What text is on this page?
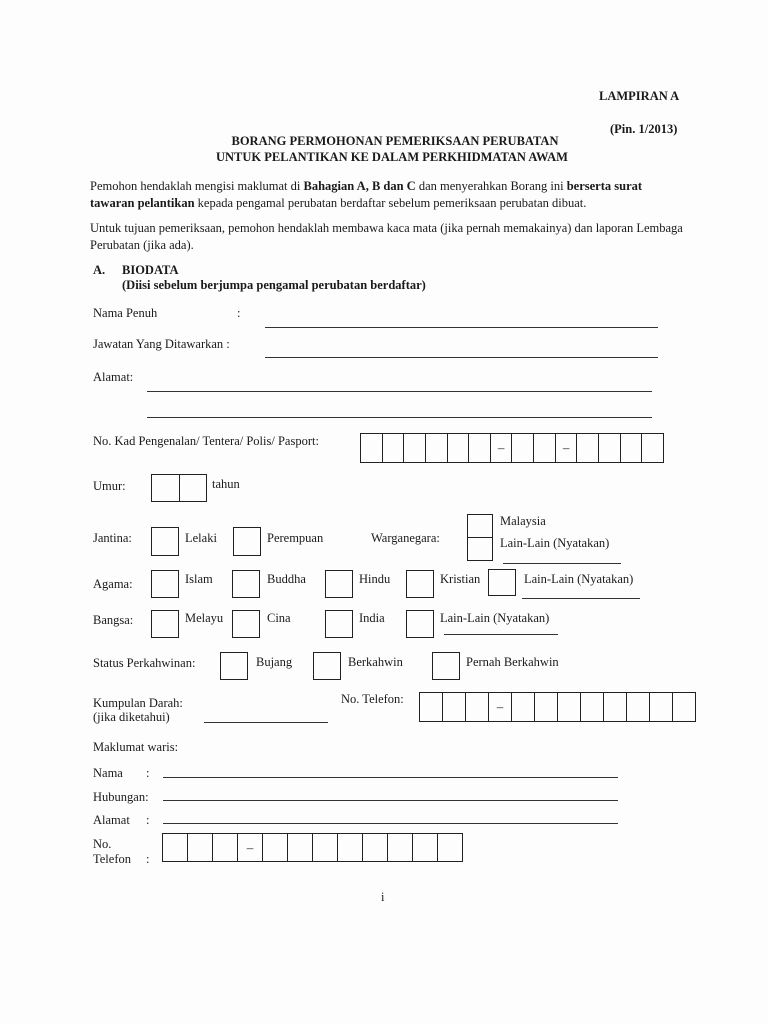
LAMPIRAN A
(Pin. 1/2013)
BORANG PERMOHONAN PEMERIKSAAN PERUBATAN
UNTUK PELANTIKAN KE DALAM PERKHIDMATAN AWAM
Pemohon hendaklah mengisi maklumat di Bahagian A, B dan C dan menyerahkan Borang ini berserta surat tawaran pelantikan kepada pengamal perubatan berdaftar sebelum pemeriksaan perubatan dibuat.
Untuk tujuan pemeriksaan, pemohon hendaklah membawa kaca mata (jika pernah memakainya) dan laporan Lembaga Perubatan (jika ada).
A. BIODATA
(Diisi sebelum berjumpa pengamal perubatan berdaftar)
Nama Penuh	:
Jawatan Yang Ditawarkan :
Alamat:
No. Kad Pengenalan/ Tentera/ Polis/ Pasport:	–	–
Umur:	tahun
Jantina:	Lelaki	Perempuan	Warganegara:
Malaysia
Lain-Lain (Nyatakan)
Agama:	Islam	Buddha	Hindu	Kristian	Lain-Lain (Nyatakan)
Bangsa:	Melayu	Cina	India	Lain-Lain (Nyatakan)
Status Perkahwinan:	Bujang	Berkahwin	Pernah Berkahwin
Kumpulan Darah:
(jika diketahui)
No. Telefon:	–
Maklumat waris:
Nama :
Hubungan:
Alamat :
No.
Telefon :
–
i
